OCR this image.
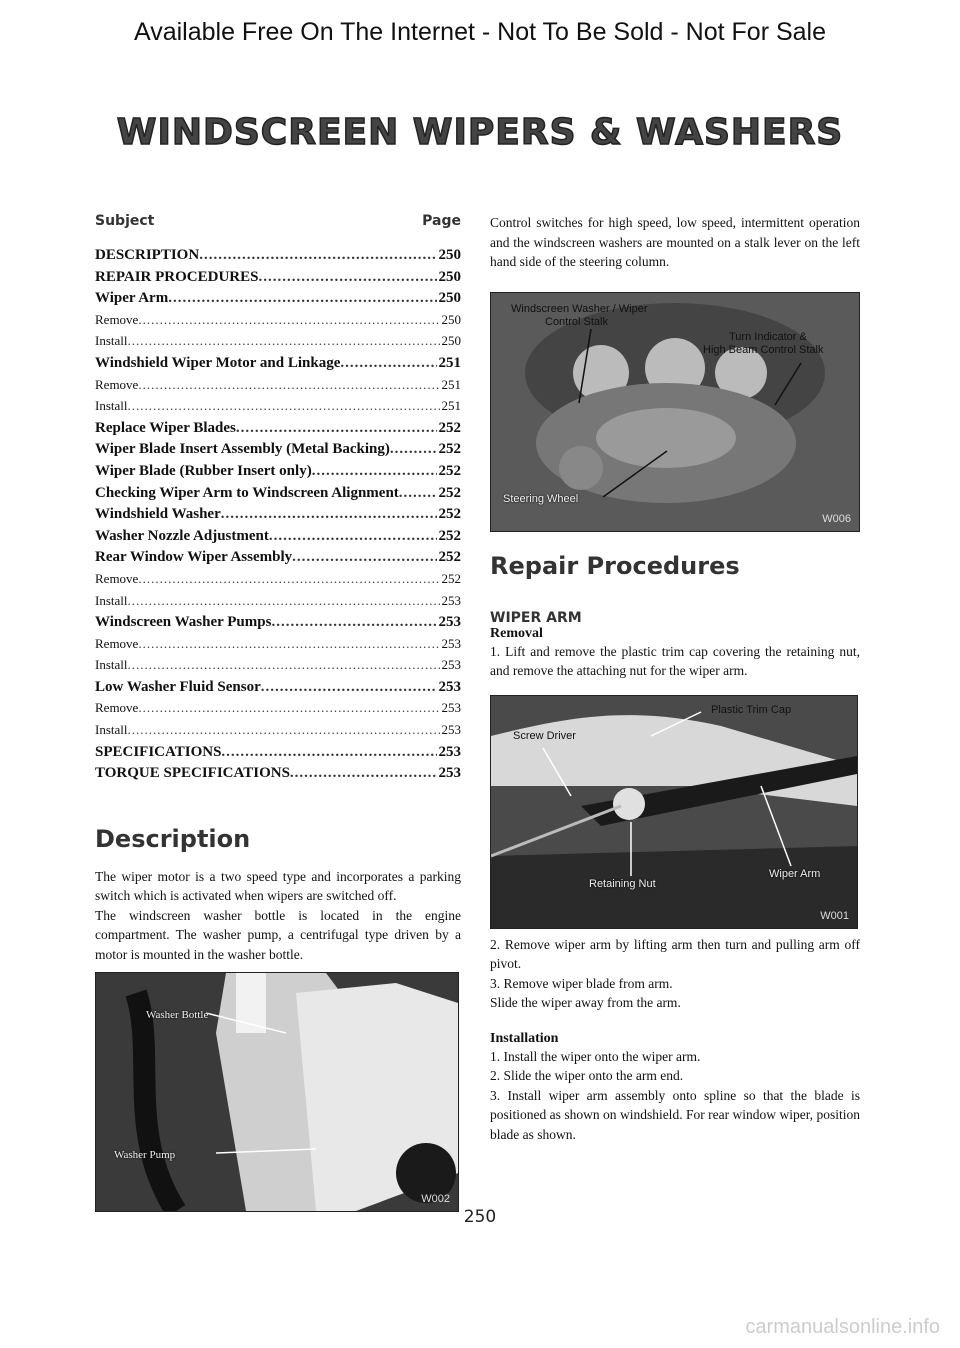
Available Free On The Internet - Not To Be Sold - Not For Sale
WINDSCREEN WIPERS & WASHERS
Subject	Page
DESCRIPTION .....	250
REPAIR PROCEDURES .....	250
Wiper Arm .....	250
Remove .....	250
Install .....	250
Windshield Wiper Motor and Linkage .....	251
Remove .....	251
Install .....	251
Replace Wiper Blades .....	252
Wiper Blade Insert Assembly (Metal Backing) .....	252
Wiper Blade (Rubber Insert only) .....	252
Checking Wiper Arm to Windscreen Alignment .....	252
Windshield Washer .....	252
Washer Nozzle Adjustment .....	252
Rear Window Wiper Assembly .....	252
Remove .....	252
Install .....	253
Windscreen Washer Pumps .....	253
Remove .....	253
Install .....	253
Low Washer Fluid Sensor .....	253
Remove .....	253
Install .....	253
SPECIFICATIONS .....	253
TORQUE SPECIFICATIONS .....	253
Description

The wiper motor is a two speed type and incorporates a parking switch which is activated when wipers are switched off.

The windscreen washer bottle is located in the engine compartment. The washer pump, a centrifugal type driven by a motor is mounted in the washer bottle.

Washer Bottle
Washer Pump
W002

Control switches for high speed, low speed, intermittent operation and the windscreen washers are mounted on a stalk lever on the left hand side of the steering column.

Windscreen Washer / Wiper
Control Stalk
Turn Indicator &
High Beam Control Stalk
Steering Wheel
W006
Repair Procedures
WIPER ARM
Removal

1. Lift and remove the plastic trim cap covering the retaining nut, and remove the attaching nut for the wiper arm.

Plastic Trim Cap
Screw Driver
Retaining Nut
Wiper Arm
W001

2. Remove wiper arm by lifting arm then turn and pulling arm off pivot.

3. Remove wiper blade from arm.

Slide the wiper away from the arm.

Installation

1. Install the wiper onto the wiper arm.

2. Slide the wiper onto the arm end.

3. Install wiper arm assembly onto spline so that the blade is positioned as shown on windshield. For rear window wiper, position blade as shown.

250
carmanualsonline.info
